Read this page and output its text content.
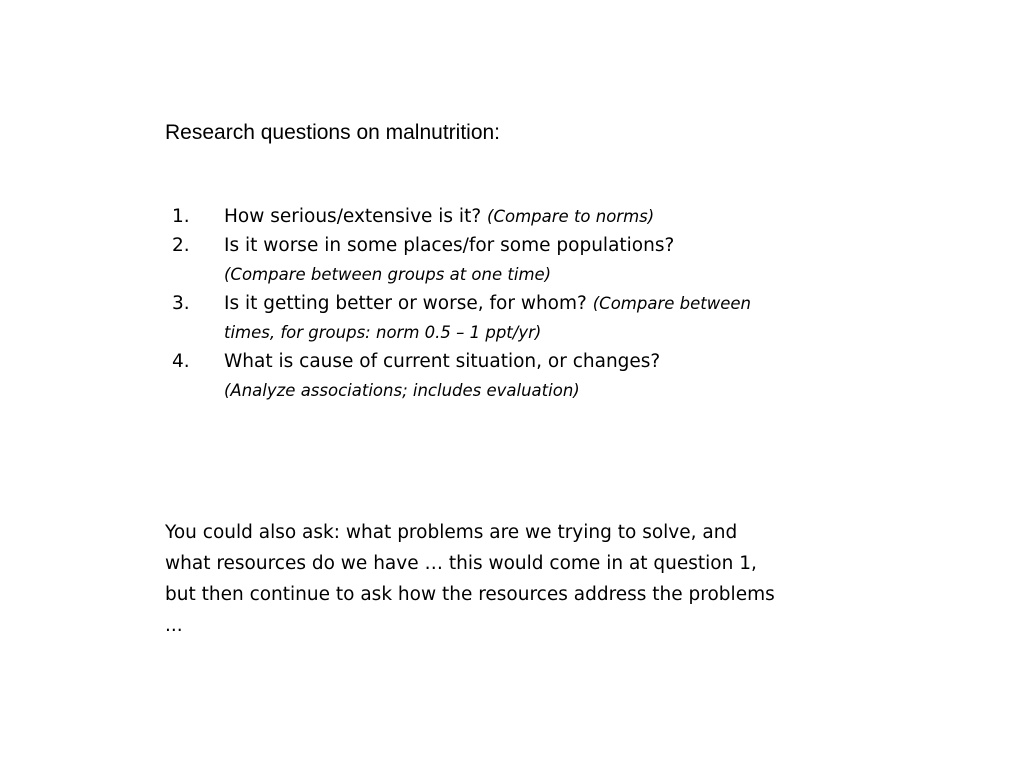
Research questions on malnutrition:
1. How serious/extensive is it? (Compare to norms)
2. Is it worse in some places/for some populations?
(Compare between groups at one time)
3. Is it getting better or worse, for whom? (Compare between times, for groups: norm 0.5 – 1 ppt/yr)
4. What is cause of current situation, or changes?
(Analyze associations; includes evaluation)

You could also ask: what problems are we trying to solve, and what resources do we have … this would come in at question 1, but then continue to ask how the resources address the problems ...
